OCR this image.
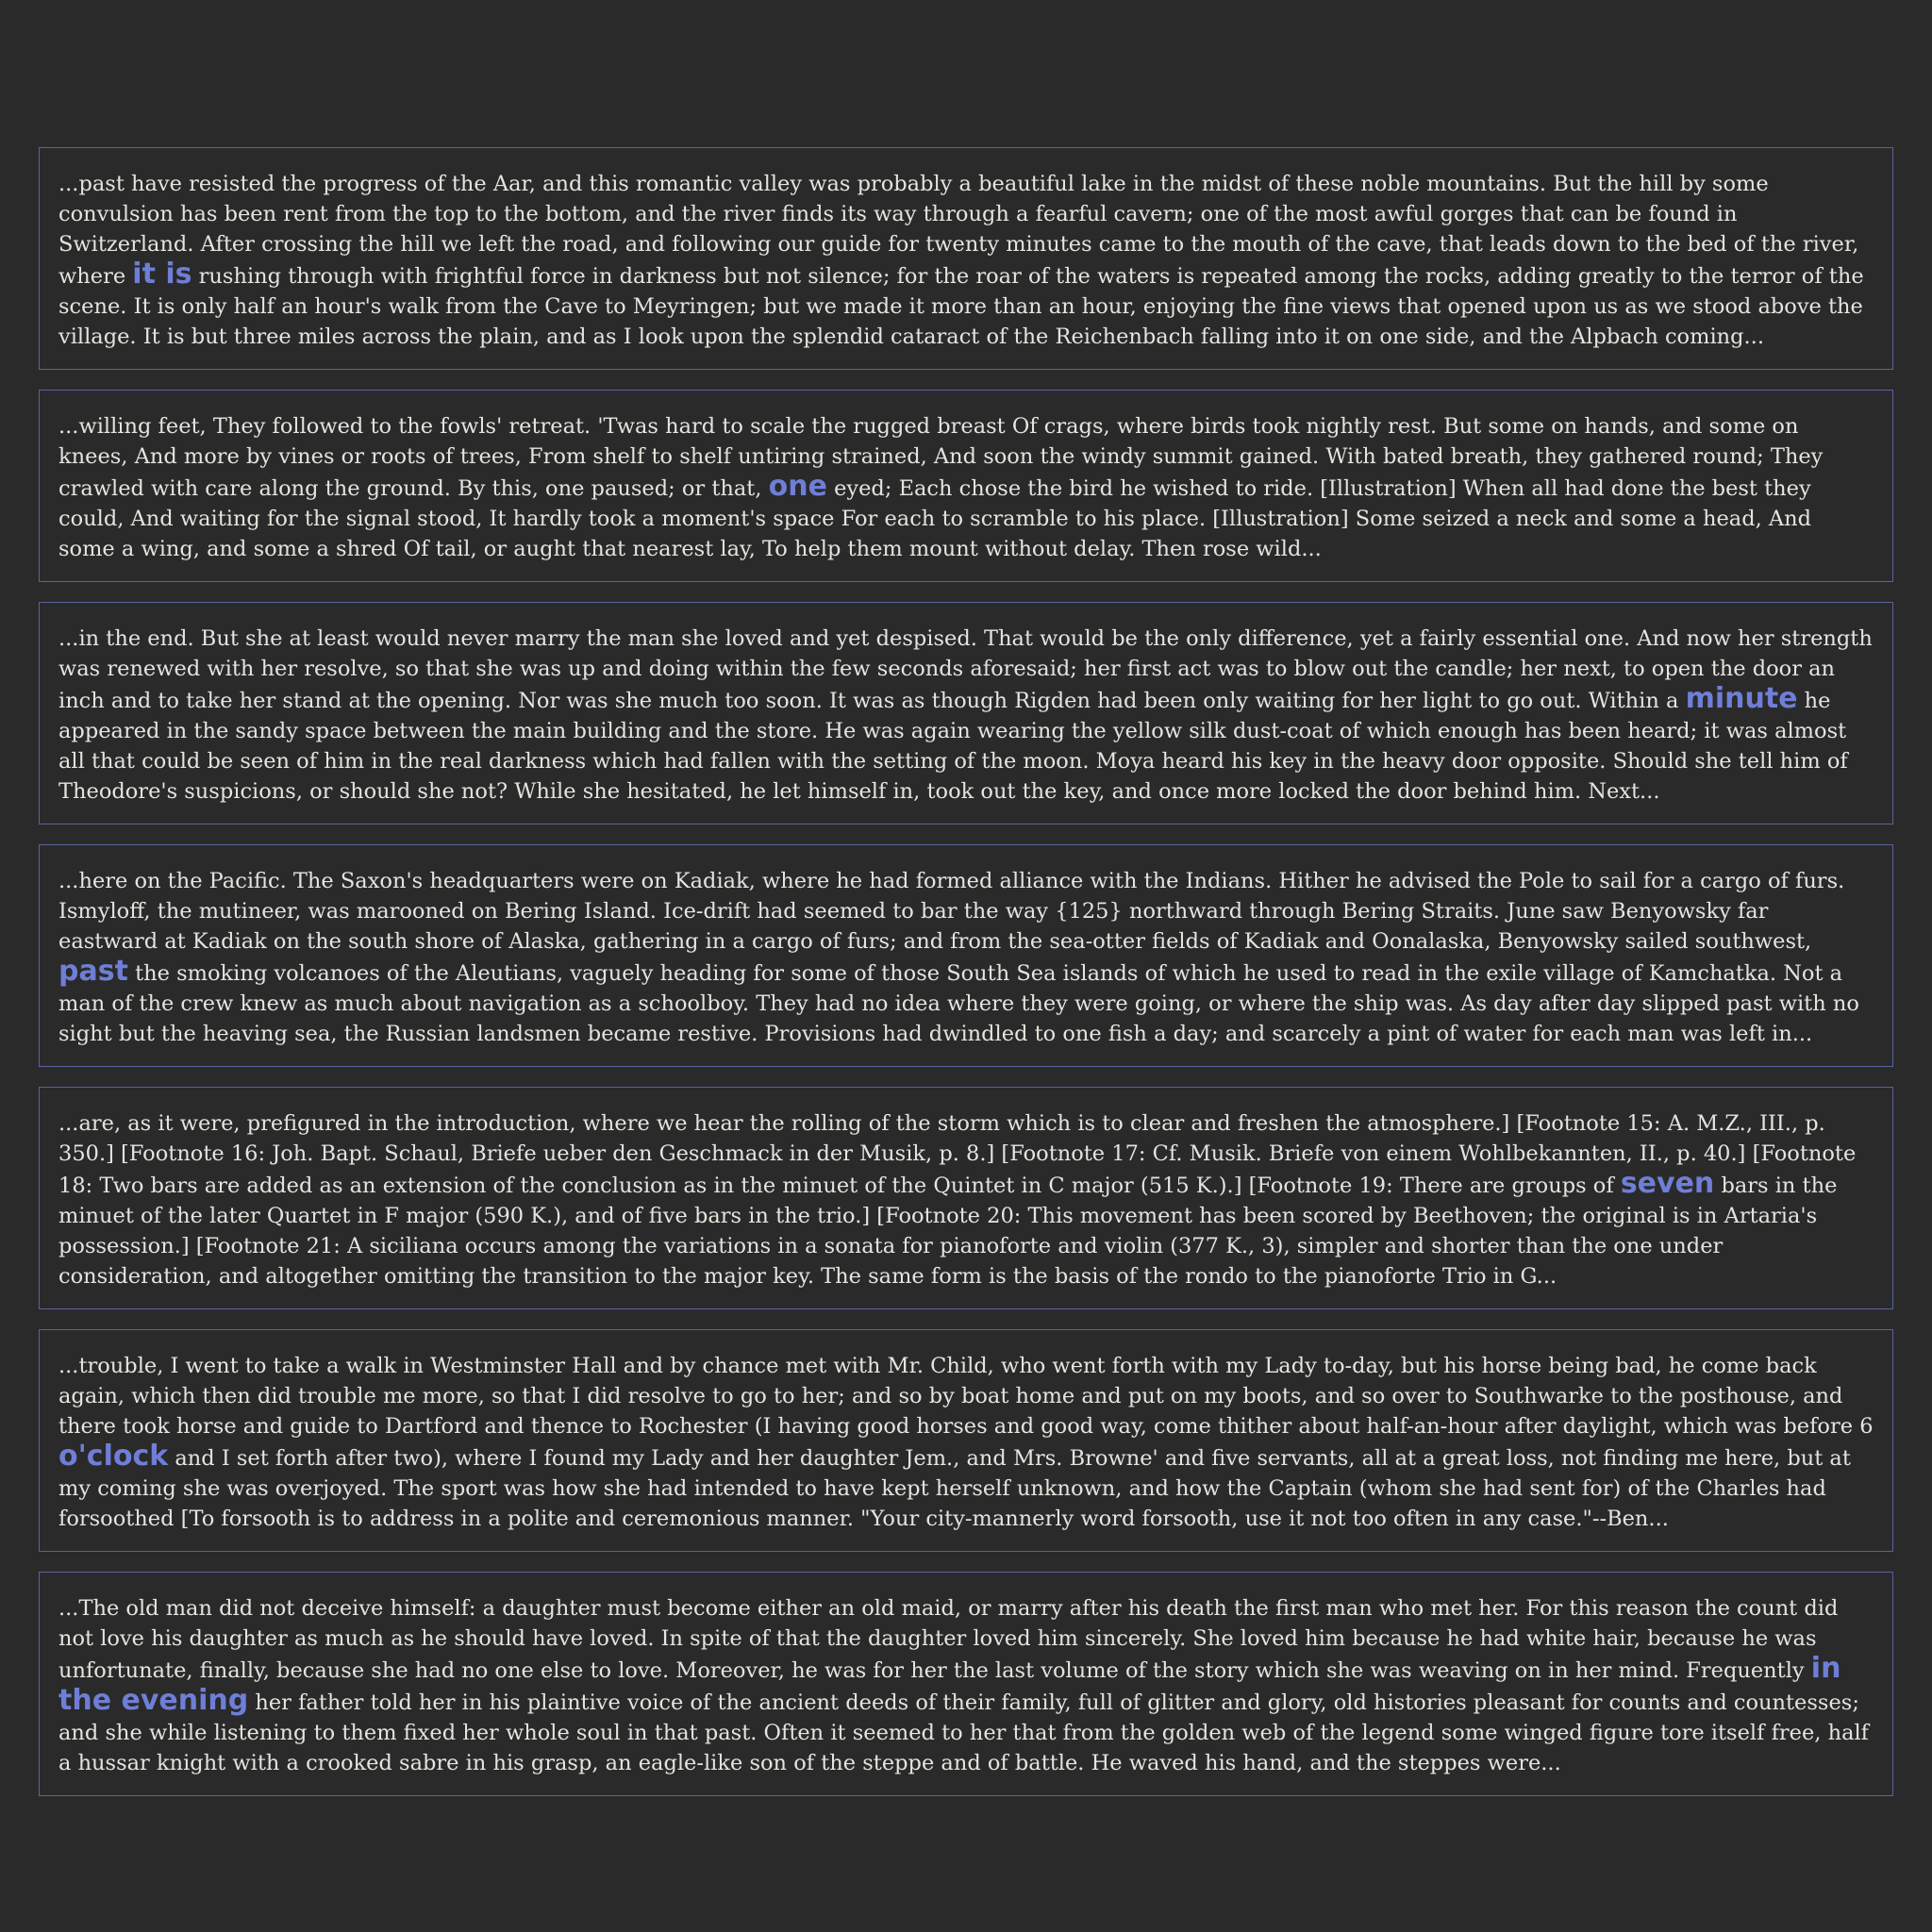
...past have resisted the progress of the Aar, and this romantic valley was probably a beautiful lake in the midst of these noble mountains. But the hill by some convulsion has been rent from the top to the bottom, and the river finds its way through a fearful cavern; one of the most awful gorges that can be found in Switzerland. After crossing the hill we left the road, and following our guide for twenty minutes came to the mouth of the cave, that leads down to the bed of the river, where it is rushing through with frightful force in darkness but not silence; for the roar of the waters is repeated among the rocks, adding greatly to the terror of the scene. It is only half an hour's walk from the Cave to Meyringen; but we made it more than an hour, enjoying the fine views that opened upon us as we stood above the village. It is but three miles across the plain, and as I look upon the splendid cataract of the Reichenbach falling into it on one side, and the Alpbach coming...
...willing feet, They followed to the fowls' retreat. 'Twas hard to scale the rugged breast Of crags, where birds took nightly rest. But some on hands, and some on knees, And more by vines or roots of trees, From shelf to shelf untiring strained, And soon the windy summit gained. With bated breath, they gathered round; They crawled with care along the ground. By this, one paused; or that, one eyed; Each chose the bird he wished to ride. [Illustration] When all had done the best they could, And waiting for the signal stood, It hardly took a moment's space For each to scramble to his place. [Illustration] Some seized a neck and some a head, And some a wing, and some a shred Of tail, or aught that nearest lay, To help them mount without delay. Then rose wild...
...in the end. But she at least would never marry the man she loved and yet despised. That would be the only difference, yet a fairly essential one. And now her strength was renewed with her resolve, so that she was up and doing within the few seconds aforesaid; her first act was to blow out the candle; her next, to open the door an inch and to take her stand at the opening. Nor was she much too soon. It was as though Rigden had been only waiting for her light to go out. Within a minute he appeared in the sandy space between the main building and the store. He was again wearing the yellow silk dust-coat of which enough has been heard; it was almost all that could be seen of him in the real darkness which had fallen with the setting of the moon. Moya heard his key in the heavy door opposite. Should she tell him of Theodore's suspicions, or should she not? While she hesitated, he let himself in, took out the key, and once more locked the door behind him. Next...
...here on the Pacific. The Saxon's headquarters were on Kadiak, where he had formed alliance with the Indians. Hither he advised the Pole to sail for a cargo of furs. Ismyloff, the mutineer, was marooned on Bering Island. Ice-drift had seemed to bar the way {125} northward through Bering Straits. June saw Benyowsky far eastward at Kadiak on the south shore of Alaska, gathering in a cargo of furs; and from the sea-otter fields of Kadiak and Oonalaska, Benyowsky sailed southwest, past the smoking volcanoes of the Aleutians, vaguely heading for some of those South Sea islands of which he used to read in the exile village of Kamchatka. Not a man of the crew knew as much about navigation as a schoolboy. They had no idea where they were going, or where the ship was. As day after day slipped past with no sight but the heaving sea, the Russian landsmen became restive. Provisions had dwindled to one fish a day; and scarcely a pint of water for each man was left in...
...are, as it were, prefigured in the introduction, where we hear the rolling of the storm which is to clear and freshen the atmosphere.] [Footnote 15: A. M.Z., III., p. 350.] [Footnote 16: Joh. Bapt. Schaul, Briefe ueber den Geschmack in der Musik, p. 8.] [Footnote 17: Cf. Musik. Briefe von einem Wohlbekannten, II., p. 40.] [Footnote 18: Two bars are added as an extension of the conclusion as in the minuet of the Quintet in C major (515 K.).] [Footnote 19: There are groups of seven bars in the minuet of the later Quartet in F major (590 K.), and of five bars in the trio.] [Footnote 20: This movement has been scored by Beethoven; the original is in Artaria's possession.] [Footnote 21: A siciliana occurs among the variations in a sonata for pianoforte and violin (377 K., 3), simpler and shorter than the one under consideration, and altogether omitting the transition to the major key. The same form is the basis of the rondo to the pianoforte Trio in G...
...trouble, I went to take a walk in Westminster Hall and by chance met with Mr. Child, who went forth with my Lady to-day, but his horse being bad, he come back again, which then did trouble me more, so that I did resolve to go to her; and so by boat home and put on my boots, and so over to Southwarke to the posthouse, and there took horse and guide to Dartford and thence to Rochester (I having good horses and good way, come thither about half-an-hour after daylight, which was before 6 o'clock and I set forth after two), where I found my Lady and her daughter Jem., and Mrs. Browne' and five servants, all at a great loss, not finding me here, but at my coming she was overjoyed. The sport was how she had intended to have kept herself unknown, and how the Captain (whom she had sent for) of the Charles had forsoothed [To forsooth is to address in a polite and ceremonious manner. "Your city-mannerly word forsooth, use it not too often in any case."--Ben...
...The old man did not deceive himself: a daughter must become either an old maid, or marry after his death the first man who met her. For this reason the count did not love his daughter as much as he should have loved. In spite of that the daughter loved him sincerely. She loved him because he had white hair, because he was unfortunate, finally, because she had no one else to love. Moreover, he was for her the last volume of the story which she was weaving on in her mind. Frequently in the evening her father told her in his plaintive voice of the ancient deeds of their family, full of glitter and glory, old histories pleasant for counts and countesses; and she while listening to them fixed her whole soul in that past. Often it seemed to her that from the golden web of the legend some winged figure tore itself free, half a hussar knight with a crooked sabre in his grasp, an eagle-like son of the steppe and of battle. He waved his hand, and the steppes were...
